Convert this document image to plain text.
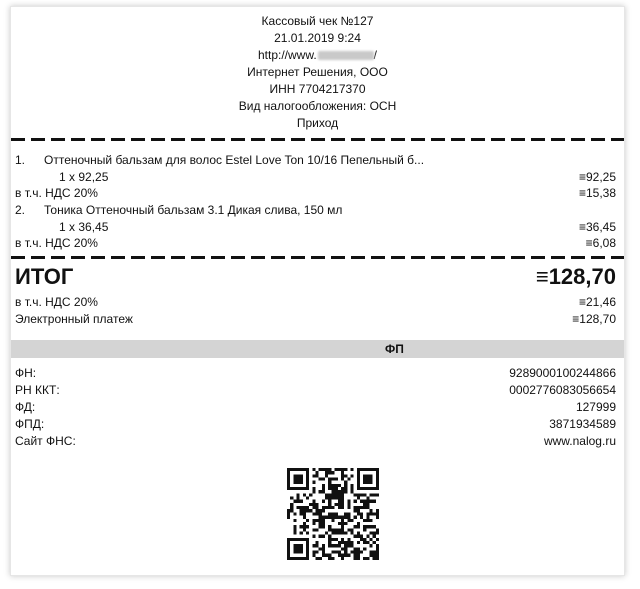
Кассовый чек №127
21.01.2019 9:24
http://www.	/
Интернет Решения, ООО
ИНН 7704217370
Вид налогообложения: ОСН
Приход
1. Оттеночный бальзам для волос Estel Love Ton 10/16 Пепельный б...
1 x 92,25	≡92,25
в т.ч. НДС 20%	≡15,38
2. Тоника Оттеночный бальзам 3.1 Дикая слива, 150 мл
1 x 36,45	≡36,45
в т.ч. НДС 20%	≡6,08
ИТОГ	≡128,70
в т.ч. НДС 20%	≡21,46
Электронный платеж	≡128,70
ФП
ФН:	9289000100244866
РН ККТ:	0002776083056654
ФД:	127999
ФПД:	3871934589
Сайт ФНС:	www.nalog.ru
